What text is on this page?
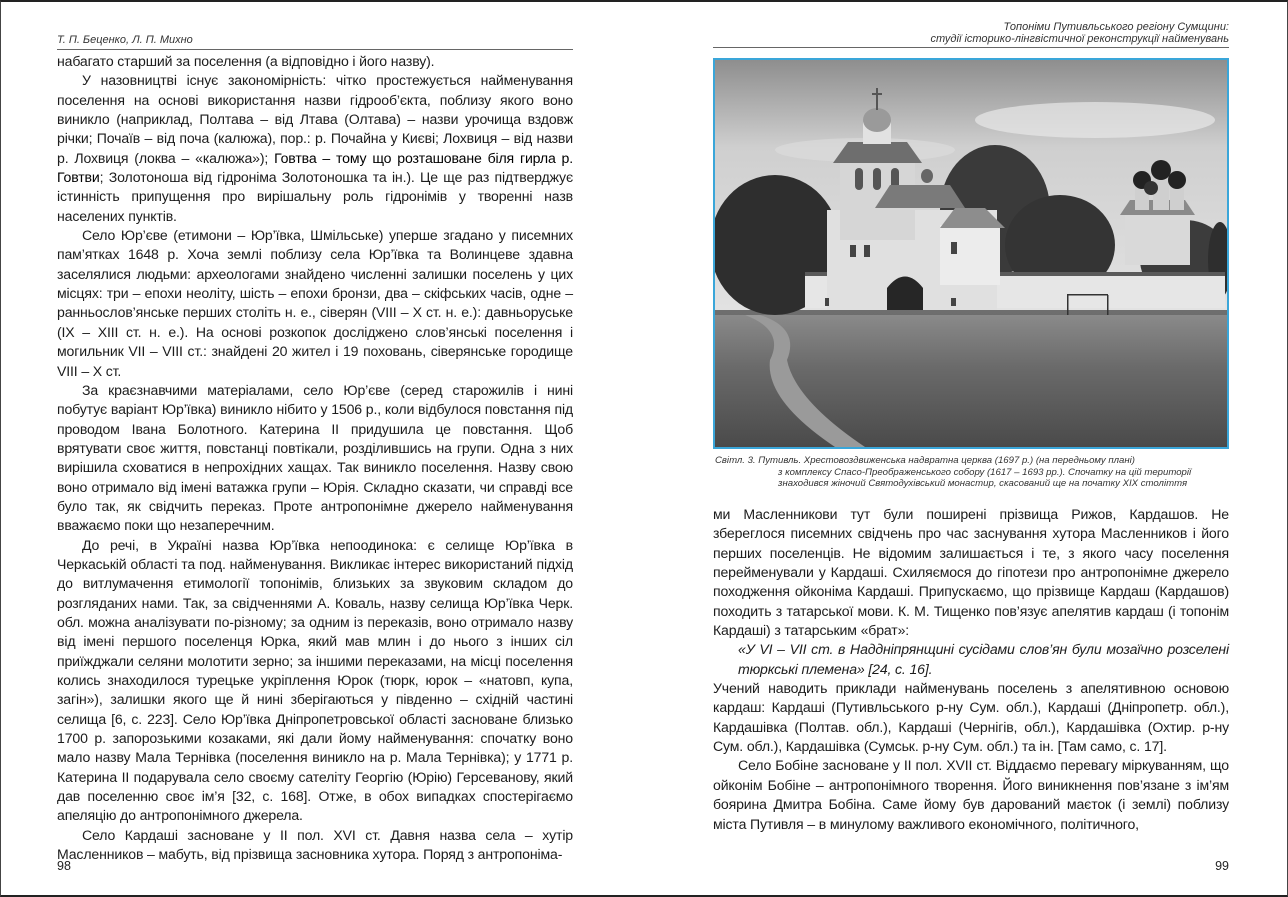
Т. П. Беценко, Л. П. Михно

набагато старший за поселення (а відповідно і його назву).

У назовництві існує закономірність: чітко простежується найменування поселення на основі використання назви гідрооб’єкта, поблизу якого воно виникло (наприклад, Полтава – від Лтава (Олтава) – назви урочища вздовж річки; Почаїв – від поча (калюжа), пор.: р. Почайна у Києві; Лохвиця – від назви р. Лохвиця (локва – «калюжа»); Говтва – тому що розташоване біля гирла р. Говтви; Золотоноша від гідроніма Золотоношка та ін.). Це ще раз підтверджує істинність припущення про вирішальну роль гідронімів у творенні назв населених пунктів.

Село Юр’єве (етимони – Юр’ївка, Шмільське) уперше згадано у писемних пам’ятках 1648 р. Хоча землі поблизу села Юр’ївка та Волинцеве здавна заселялися людьми: археологами знайдено численні залишки поселень у цих місцях: три – епохи неоліту, шість – епохи бронзи, два – скіфських часів, одне – ранньослов’янське перших століть н. е., сіверян (VIII – X ст. н. е.): давньоруське (IX – XIII ст. н. е.). На основі розкопок досліджено слов’янські поселення і могильник VII – VIII ст.: знайдені 20 жител і 19 поховань, сіверянське городище VIII – X ст.

За краєзнавчими матеріалами, село Юр’єве (серед старожилів і нині побутує варіант Юр’ївка) виникло нібито у 1506 р., коли відбулося повстання під проводом Івана Болотного. Катерина II придушила це повстання. Щоб врятувати своє життя, повстанці повтікали, розділившись на групи. Одна з них вирішила сховатися в непрохідних хащах. Так виникло поселення. Назву свою воно отримало від імені ватажка групи – Юрія. Складно сказати, чи справді все було так, як свідчить переказ. Проте антропонімне джерело найменування вважаємо поки що незаперечним.

До речі, в Україні назва Юр’ївка непоодинока: є селище Юр’ївка в Черкаській області та под. найменування. Викликає інтерес використаний підхід до витлумачення етимології топонімів, близьких за звуковим складом до розгляданих нами. Так, за свідченнями А. Коваль, назву селища Юр’ївка Черк. обл. можна аналізувати по-різному; за одним із переказів, воно отримало назву від імені першого поселенця Юрка, який мав млин і до нього з інших сіл приїжджали селяни молотити зерно; за іншими переказами, на місці поселення колись знаходилося турецьке укріплення Юрок (тюрк, юрок – «натовп, купа, загін»), залишки якого ще й нині зберігаються у південно – східній частині селища [6, с. 223]. Село Юр’ївка Дніпропетровської області засноване близько 1700 р. запорозькими козаками, які дали йому найменування: спочатку воно мало назву Мала Тернівка (поселення виникло на р. Мала Тернівка); у 1771 р. Катерина II подарувала село своєму сателіту Георгію (Юрію) Герсеванову, який дав поселенню своє ім’я [32, с. 168]. Отже, в обох випадках спостерігаємо апеляцію до антропонімного джерела.

Село Кардаші засноване у II пол. XVI ст. Давня назва села – хутір Масленников – мабуть, від прізвища засновника хутора. Поряд з антропоніма-

98
Топоніми Путивльського регіону Сумщини:
студії історико-лінгвістичної реконструкції найменувань
Світл. 3. Путивль. Хрестовоздвиженська надвратна церква (1697 р.) (на передньому плані)
з комплексу Спасо-Преображенського собору (1617 – 1693 рр.). Спочатку на цій території
знаходився жіночий Святодухівський монастир, скасований ще на початку XIX століття

ми Масленникови тут були поширені прізвища Рижов, Кардашов. Не збереглося писемних свідчень про час заснування хутора Масленников і його перших поселенців. Не відомим залишається і те, з якого часу поселення перейменували у Кардаші. Схиляємося до гіпотези про антропонімне джерело походження ойконіма Кардаші. Припускаємо, що прізвище Кардаш (Кардашов) походить з татарської мови. К. М. Тищенко пов’язує апелятив кардаш (і топонім Кардаші) з татарським «брат»:

«У VI – VII ст. в Наддніпрянщині сусідами слов’ян були мозаїчно розселені тюркські племена» [24, с. 16].

Учений наводить приклади найменувань поселень з апелятивною основою кардаш: Кардаші (Путивльського р-ну Сум. обл.), Кардаші (Дніпропетр. обл.), Кардашівка (Полтав. обл.), Кардаші (Чернігів, обл.), Кардашівка (Охтир. р-ну Сум. обл.), Кардашівка (Сумськ. р-ну Сум. обл.) та ін. [Там само, с. 17].

Село Бобіне засноване у II пол. XVII ст. Віддаємо перевагу міркуванням, що ойконім Бобіне – антропонімного творення. Його виникнення пов’язане з ім’ям боярина Дмитра Бобіна. Саме йому був дарований маєток (і землі) поблизу міста Путивля – в минулому важливого економічного, політичного,

99
